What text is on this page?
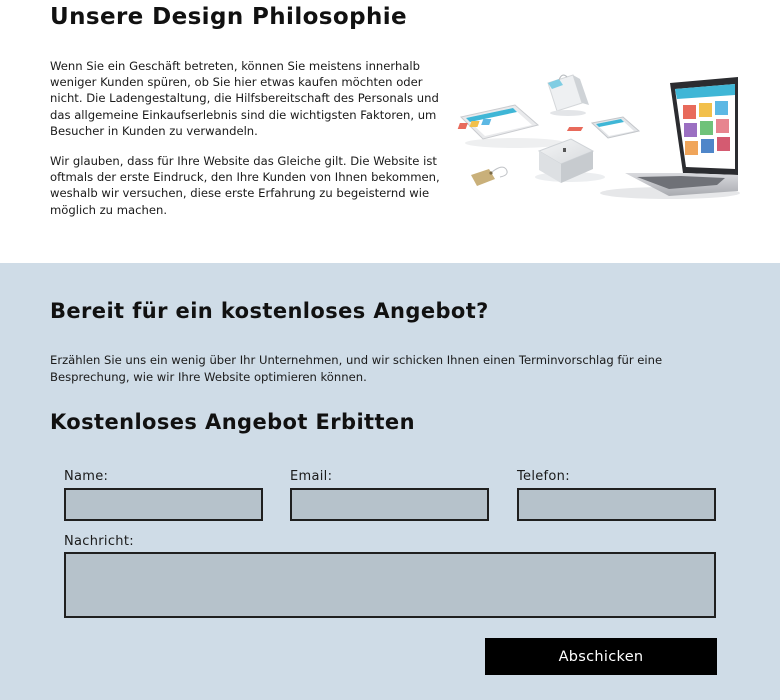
Unsere Design Philosophie

Wenn Sie ein Geschäft betreten, können Sie meistens innerhalb weniger Kunden spüren, ob Sie hier etwas kaufen möchten oder nicht. Die Ladengestaltung, die Hilfsbereitschaft des Personals und das allgemeine Einkaufserlebnis sind die wichtigsten Faktoren, um Besucher in Kunden zu verwandeln.

Wir glauben, dass für Ihre Website das Gleiche gilt. Die Website ist oftmals der erste Eindruck, den Ihre Kunden von Ihnen bekommen, weshalb wir versuchen, diese erste Erfahrung zu begeisternd wie möglich zu machen.

Bereit für ein kostenloses Angebot?

Erzählen Sie uns ein wenig über Ihr Unternehmen, und wir schicken Ihnen einen Terminvorschlag für eine Besprechung, wie wir Ihre Website optimieren können.

Kostenloses Angebot Erbitten
Name:	Email:	Telefon:
Nachricht:
Abschicken
